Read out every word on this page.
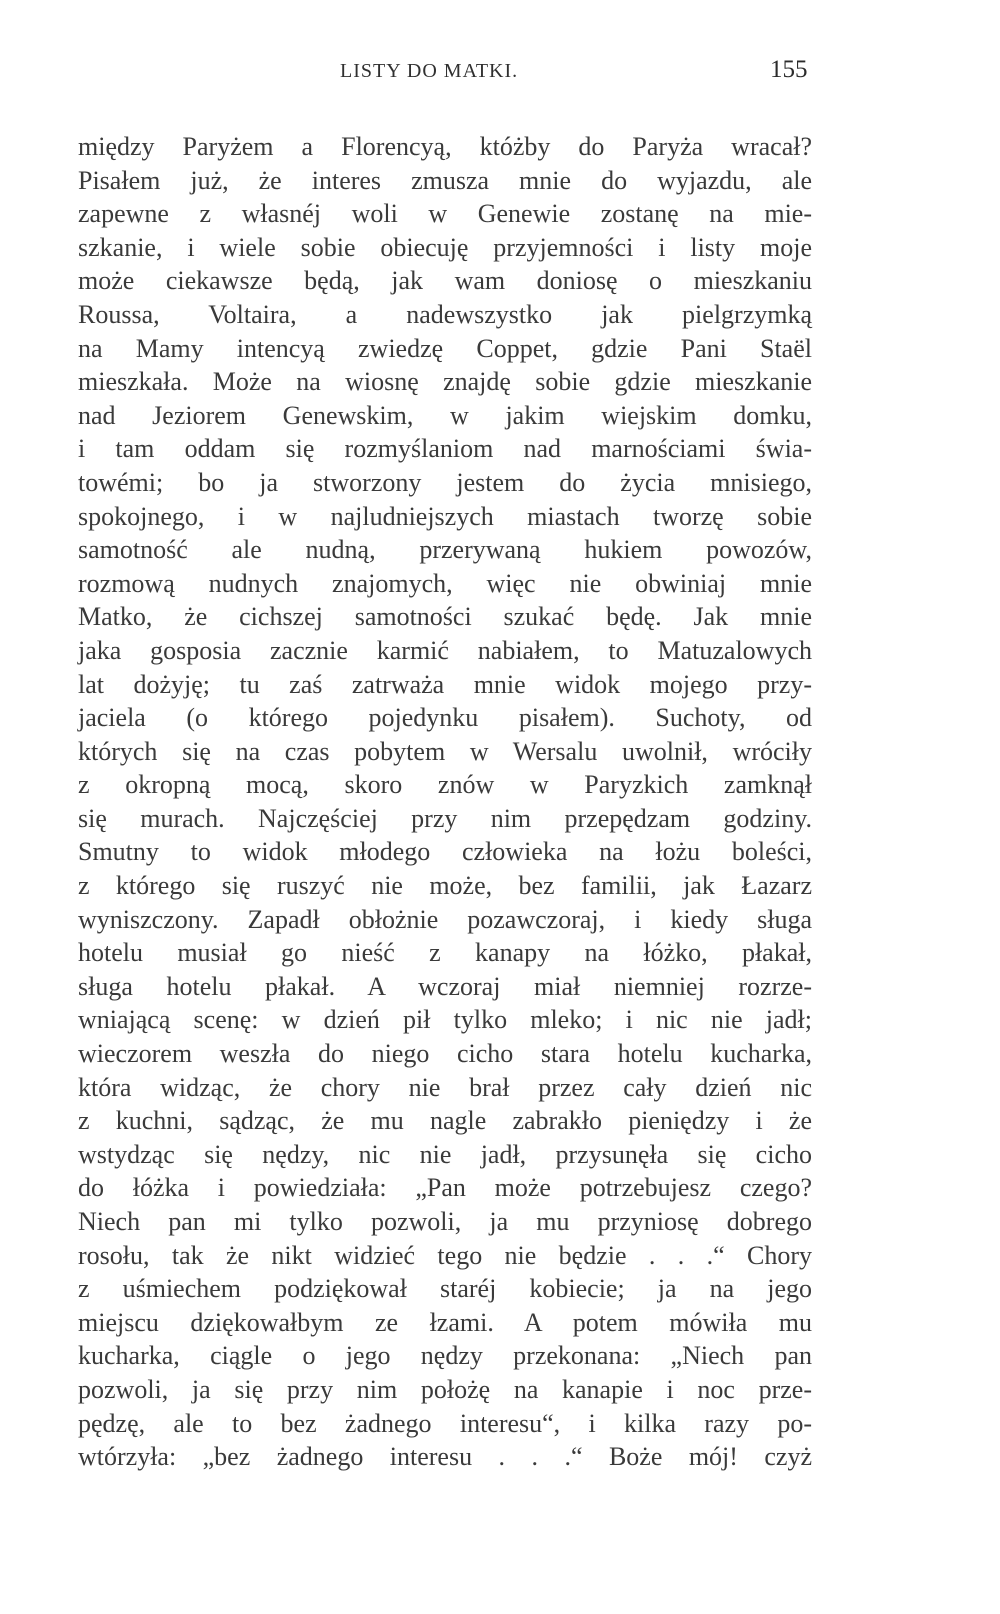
LISTY DO MATKI.	155
między Paryżem a Florencyą, któżby do Paryża wracał?
Pisałem już, że interes zmusza mnie do wyjazdu, ale
zapewne z własnéj woli w Genewie zostanę na mie-
szkanie, i wiele sobie obiecuję przyjemności i listy moje
może ciekawsze będą, jak wam doniosę o mieszkaniu
Roussa, Voltaira, a nadewszystko jak pielgrzymką
na Mamy intencyą zwiedzę Coppet, gdzie Pani Staël
mieszkała. Może na wiosnę znajdę sobie gdzie mieszkanie
nad Jeziorem Genewskim, w jakim wiejskim domku,
i tam oddam się rozmyślaniom nad marnościami świa-
towémi; bo ja stworzony jestem do życia mnisiego,
spokojnego, i w najludniejszych miastach tworzę sobie
samotność ale nudną, przerywaną hukiem powozów,
rozmową nudnych znajomych, więc nie obwiniaj mnie
Matko, że cichszej samotności szukać będę. Jak mnie
jaka gosposia zacznie karmić nabiałem, to Matuzalowych
lat dożyję; tu zaś zatrważa mnie widok mojego przy-
jaciela (o którego pojedynku pisałem). Suchoty, od
których się na czas pobytem w Wersalu uwolnił, wróciły
z okropną mocą, skoro znów w Paryzkich zamknął
się murach. Najczęściej przy nim przepędzam godziny.
Smutny to widok młodego człowieka na łożu boleści,
z którego się ruszyć nie może, bez familii, jak Łazarz
wyniszczony. Zapadł obłożnie pozawczoraj, i kiedy sługa
hotelu musiał go nieść z kanapy na łóżko, płakał,
sługa hotelu płakał. A wczoraj miał niemniej rozrze-
wniającą scenę: w dzień pił tylko mleko; i nic nie jadł;
wieczorem weszła do niego cicho stara hotelu kucharka,
która widząc, że chory nie brał przez cały dzień nic
z kuchni, sądząc, że mu nagle zabrakło pieniędzy i że
wstydząc się nędzy, nic nie jadł, przysunęła się cicho
do łóżka i powiedziała: „Pan może potrzebujesz czego?
Niech pan mi tylko pozwoli, ja mu przyniosę dobrego
rosołu, tak że nikt widzieć tego nie będzie . . .“ Chory
z uśmiechem podziękował staréj kobiecie; ja na jego
miejscu dziękowałbym ze łzami. A potem mówiła mu
kucharka, ciągle o jego nędzy przekonana: „Niech pan
pozwoli, ja się przy nim położę na kanapie i noc prze-
pędzę, ale to bez żadnego interesu“, i kilka razy po-
wtórzyła: „bez żadnego interesu . . .“ Boże mój! czyż
